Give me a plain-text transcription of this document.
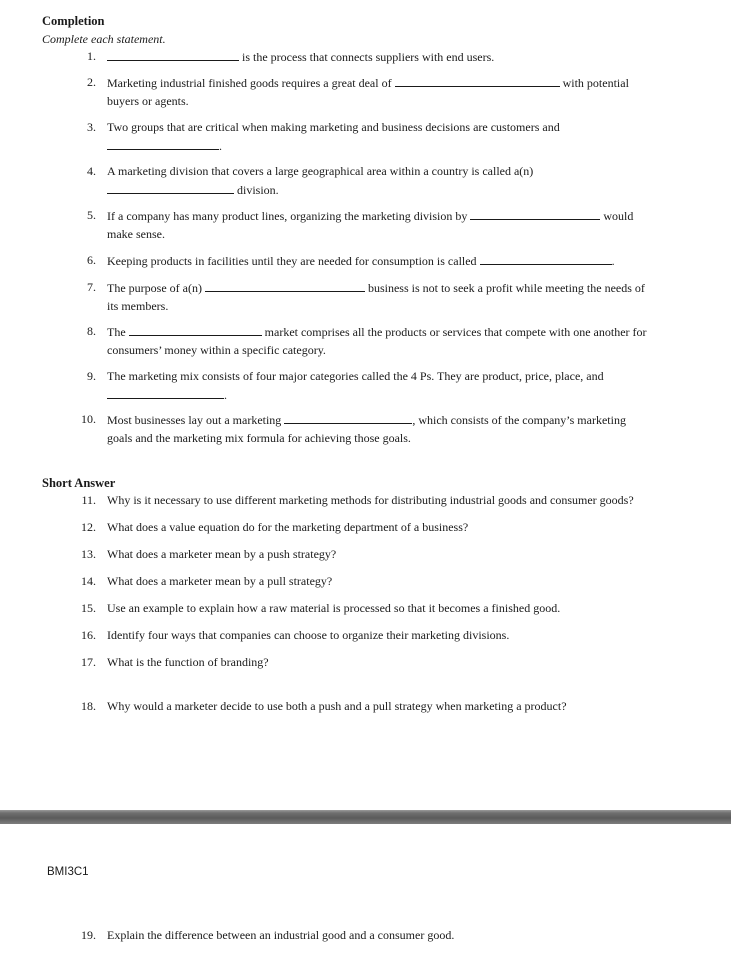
Completion
Complete each statement.
1.	is the process that connects suppliers with end users.
2. Marketing industrial finished goods requires a great deal of	with potential
buyers or agents.
3. Two groups that are critical when making marketing and business decisions are customers and
.
4. A marketing division that covers a large geographical area within a country is called a(n)
division.
5. If a company has many product lines, organizing the marketing division by	would
make sense.
6. Keeping products in facilities until they are needed for consumption is called	.
7. The purpose of a(n)	business is not to seek a profit while meeting the needs of
its members.
8. The	market comprises all the products or services that compete with one another for
consumers’ money within a specific category.
9. The marketing mix consists of four major categories called the 4 Ps. They are product, price, place, and
.
10. Most businesses lay out a marketing	, which consists of the company’s marketing
goals and the marketing mix formula for achieving those goals.
Short Answer
11. Why is it necessary to use different marketing methods for distributing industrial goods and consumer goods?
12. What does a value equation do for the marketing department of a business?
13. What does a marketer mean by a push strategy?
14. What does a marketer mean by a pull strategy?
15. Use an example to explain how a raw material is processed so that it becomes a finished good.
16. Identify four ways that companies can choose to organize their marketing divisions.
17. What is the function of branding?
18. Why would a marketer decide to use both a push and a pull strategy when marketing a product?
BMI3C1
19. Explain the difference between an industrial good and a consumer good.
